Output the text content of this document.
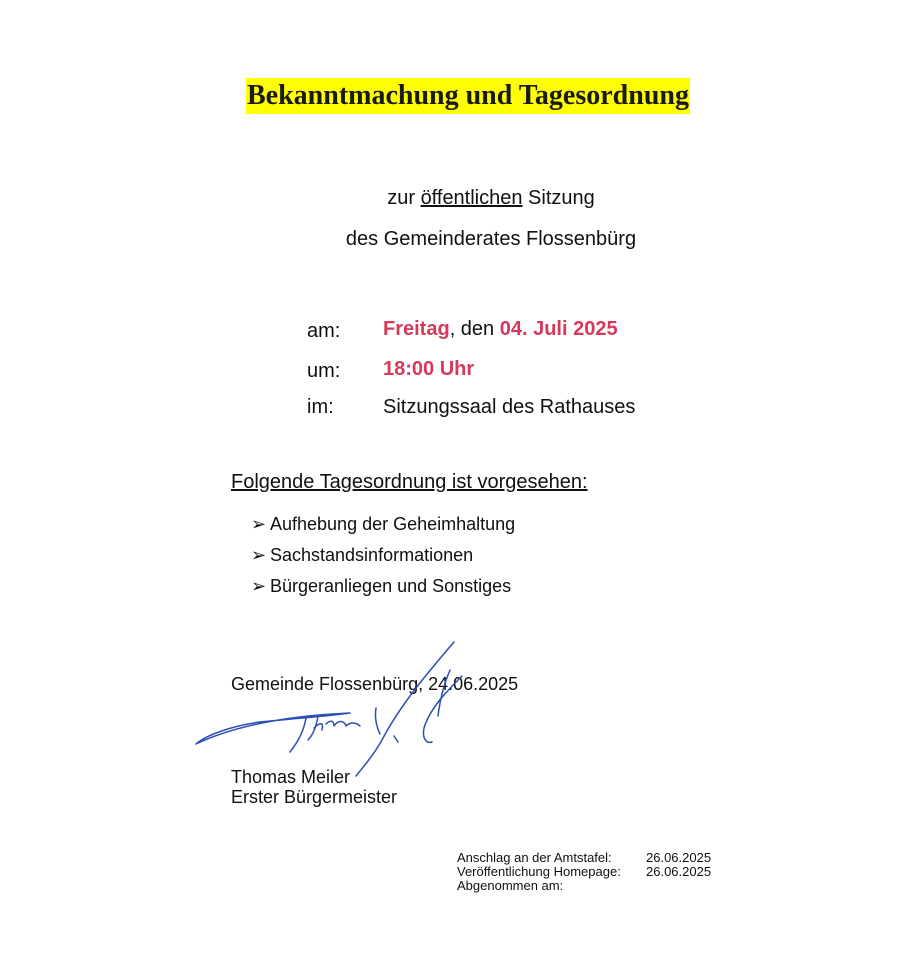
Bekanntmachung und Tagesordnung
zur öffentlichen Sitzung
des Gemeinderates Flossenbürg
am: Freitag, den 04. Juli 2025
um: 18:00 Uhr
im: Sitzungssaal des Rathauses
Folgende Tagesordnung ist vorgesehen:
➢ Aufhebung der Geheimhaltung
➢ Sachstandsinformationen
➢ Bürgeranliegen und Sonstiges
Gemeinde Flossenbürg, 24.06.2025
Thomas Meiler
Erster Bürgermeister
Anschlag an der Amtstafel:	26.06.2025
Veröffentlichung Homepage: 26.06.2025
Abgenommen am:
